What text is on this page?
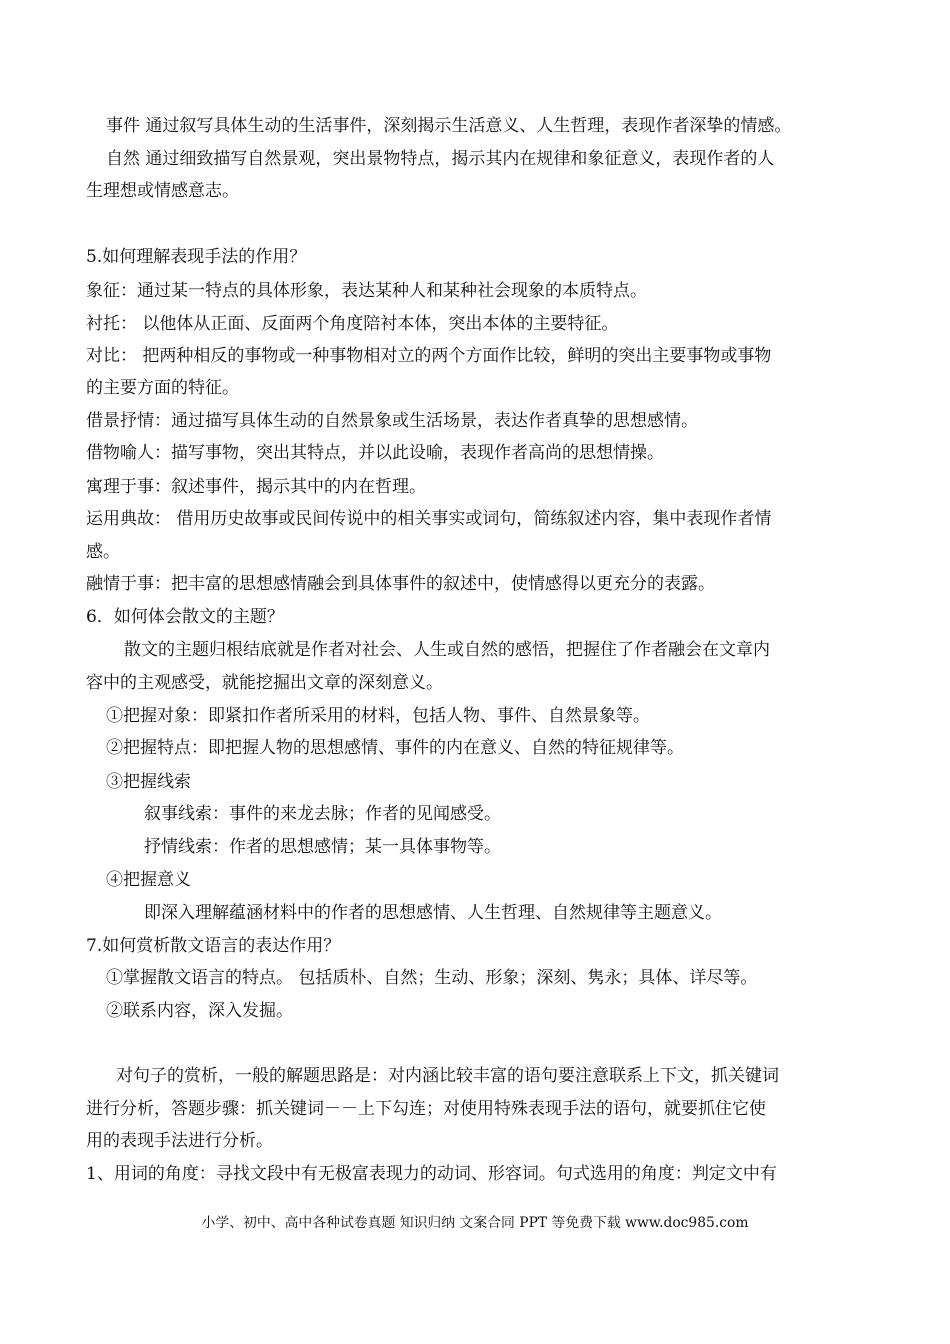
事件 通过叙写具体生动的生活事件，深刻揭示生活意义、人生哲理，表现作者深挚的情感。
自然 通过细致描写自然景观，突出景物特点，揭示其内在规律和象征意义，表现作者的人
生理想或情感意志。
5.如何理解表现手法的作用？
象征：通过某一特点的具体形象，表达某种人和某种社会现象的本质特点。
衬托： 以他体从正面、反面两个角度陪衬本体，突出本体的主要特征。
对比： 把两种相反的事物或一种事物相对立的两个方面作比较，鲜明的突出主要事物或事物
的主要方面的特征。
借景抒情：通过描写具体生动的自然景象或生活场景，表达作者真挚的思想感情。
借物喻人：描写事物，突出其特点，并以此设喻，表现作者高尚的思想情操。
寓理于事：叙述事件，揭示其中的内在哲理。
运用典故： 借用历史故事或民间传说中的相关事实或词句，简练叙述内容，集中表现作者情
感。
融情于事：把丰富的思想感情融会到具体事件的叙述中，使情感得以更充分的表露。
6．如何体会散文的主题？
散文的主题归根结底就是作者对社会、人生或自然的感悟，把握住了作者融会在文章内
容中的主观感受，就能挖掘出文章的深刻意义。
①把握对象：即紧扣作者所采用的材料，包括人物、事件、自然景象等。
②把握特点：即把握人物的思想感情、事件的内在意义、自然的特征规律等。
③把握线索
叙事线索：事件的来龙去脉；作者的见闻感受。
抒情线索：作者的思想感情；某一具体事物等。
④把握意义
即深入理解蕴涵材料中的作者的思想感情、人生哲理、自然规律等主题意义。
7.如何赏析散文语言的表达作用？
①掌握散文语言的特点。 包括质朴、自然；生动、形象；深刻、隽永；具体、详尽等。
②联系内容，深入发掘。
对句子的赏析，一般的解题思路是：对内涵比较丰富的语句要注意联系上下文，抓关键词
进行分析，答题步骤：抓关键词－－上下勾连；对使用特殊表现手法的语句，就要抓住它使
用的表现手法进行分析。
1、用词的角度：寻找文段中有无极富表现力的动词、形容词。句式选用的角度：判定文中有
小学、初中、高中各种试卷真题 知识归纳 文案合同 PPT 等免费下载 www.doc985.com
